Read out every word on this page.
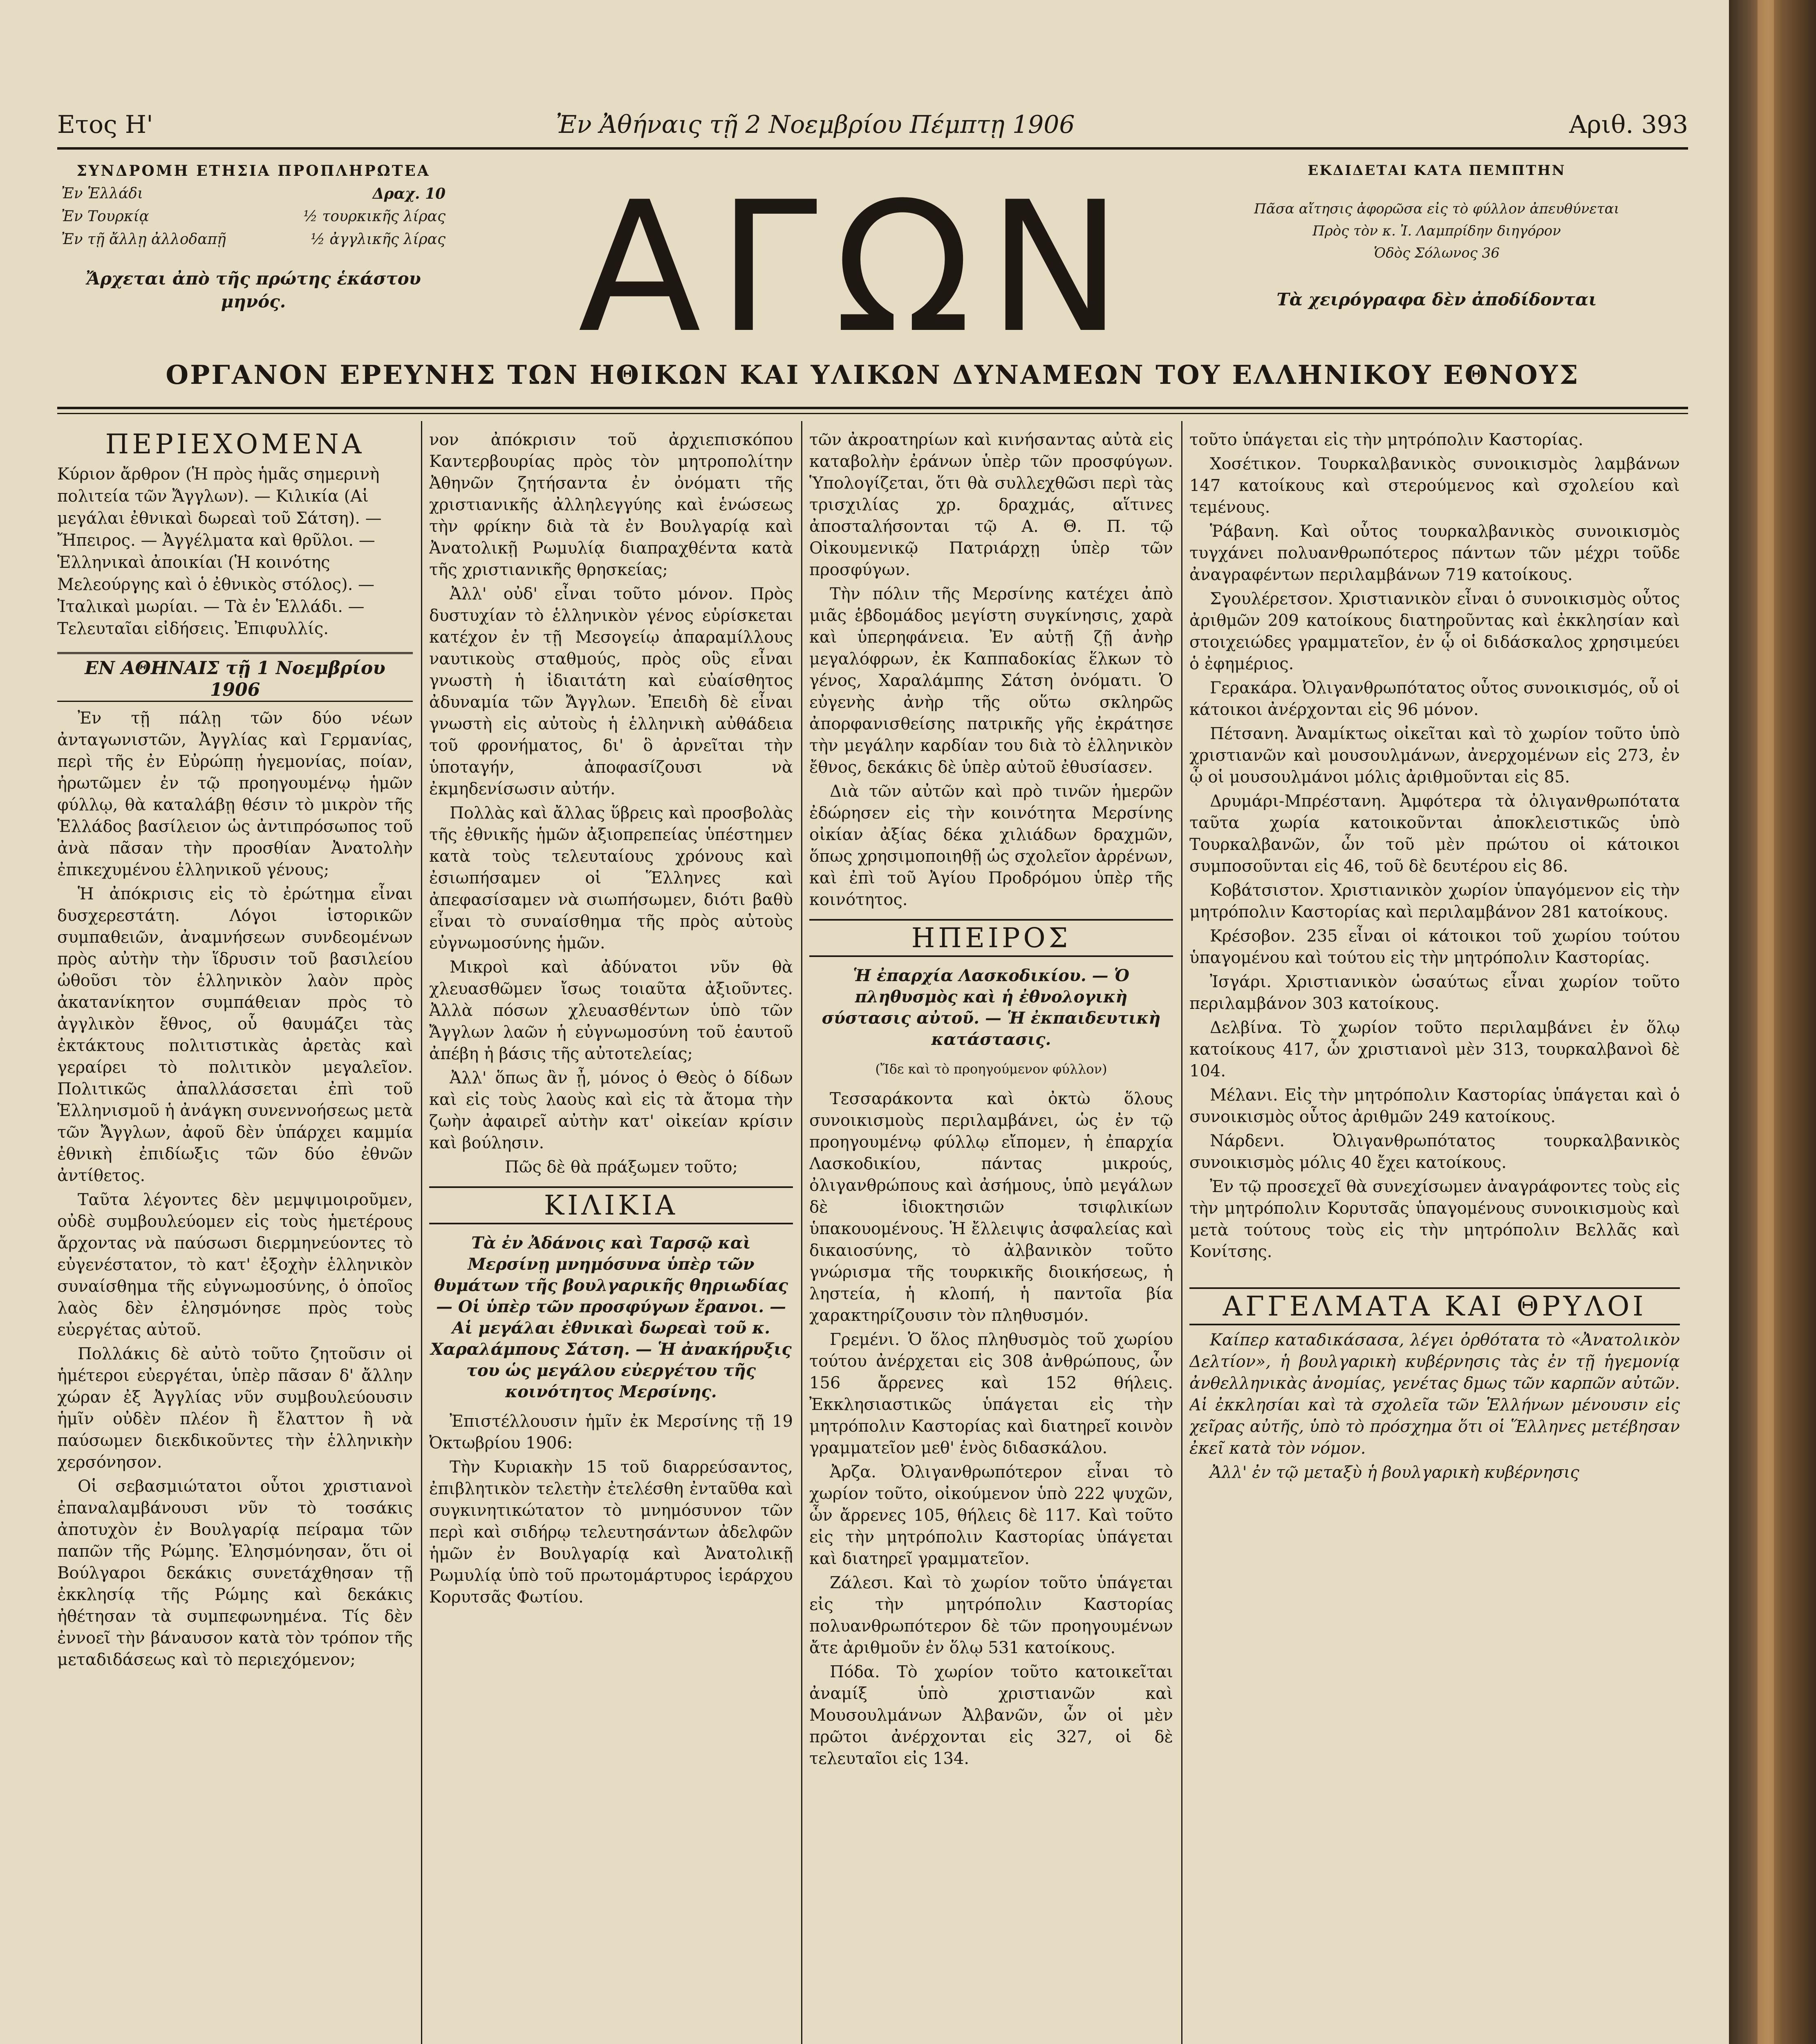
Ετος Η'	Ἐν Ἀθήναις τῇ 2 Νοεμβρίου Πέμπτῃ 1906	Αριθ. 393
ΣΥΝΔΡΟΜΗ ΕΤΗΣΙΑ ΠΡΟΠΛΗΡΩΤΕΑ
Ἐν Ἑλλάδι	Δραχ. 10
Ἐν Τουρκίᾳ	½ τουρκικῆς λίρας
Ἐν τῇ ἄλλῃ ἀλλοδαπῇ	½ ἀγγλικῆς λίρας
Ἄρχεται ἀπὸ τῆς πρώτης ἑκάστου μηνός.	ΑΓΩΝ	ΕΚΔΙΔΕΤΑΙ ΚΑΤΑ ΠΕΜΠΤΗΝ
Πᾶσα αἴτησις ἀφορῶσα εἰς τὸ φύλλον ἀπευθύνεται
Πρὸς τὸν κ. Ἰ. Λαμπρίδην διηγόρον
Ὁδὸς Σόλωνος 36
Τὰ χειρόγραφα δὲν ἀποδίδονται
ΟΡΓΑΝΟΝ ΕΡΕΥΝΗΣ ΤΩΝ ΗΘΙΚΩΝ ΚΑΙ ΥΛΙΚΩΝ ΔΥΝΑΜΕΩΝ ΤΟΥ ΕΛΛΗΝΙΚΟΥ ΕΘΝΟΥΣ
ΠΕΡΙΕΧΟΜΕΝΑ
Κύριον ἄρθρον (Ἡ πρὸς ἡμᾶς σημερινὴ πολιτεία τῶν Ἄγγλων). — Κιλικία (Αἱ μεγάλαι ἐθνικαὶ δωρεαὶ τοῦ Σάτση). — Ἤπειρος. — Ἀγγέλματα καὶ θρῦλοι. — Ἑλληνικαὶ ἀποικίαι (Ἡ κοινότης Μελεούργης καὶ ὁ ἐθνικὸς στόλος). — Ἰταλικαὶ μωρίαι. — Τὰ ἐν Ἑλλάδι. — Τελευταῖαι εἰδήσεις. Ἐπιφυλλίς.
ΕΝ ΑΘΗΝΑΙΣ τῇ 1 Νοεμβρίου 1906

Ἐν τῇ πάλῃ τῶν δύο νέων ἀνταγωνιστῶν, Ἀγγλίας καὶ Γερμανίας, περὶ τῆς ἐν Εὐρώπῃ ἡγεμονίας, ποίαν, ἠρωτῶμεν ἐν τῷ προηγουμένῳ ἡμῶν φύλλῳ, θὰ καταλάβῃ θέσιν τὸ μικρὸν τῆς Ἑλλάδος βασίλειον ὡς ἀντιπρόσωπος τοῦ ἀνὰ πᾶσαν τὴν προσθίαν Ἀνατολὴν ἐπικεχυμένου ἑλληνικοῦ γένους;

Ἡ ἀπόκρισις εἰς τὸ ἐρώτημα εἶναι δυσχερεστάτη. Λόγοι ἱστορικῶν συμπαθειῶν, ἀναμνήσεων συνδεομένων πρὸς αὐτὴν τὴν ἵδρυσιν τοῦ βασιλείου ὠθοῦσι τὸν ἑλληνικὸν λαὸν πρὸς ἀκατανίκητον συμπάθειαν πρὸς τὸ ἀγγλικὸν ἔθνος, οὗ θαυμάζει τὰς ἐκτάκτους πολιτιστικὰς ἀρετὰς καὶ γεραίρει τὸ πολιτικὸν μεγαλεῖον. Πολιτικῶς ἀπαλλάσσεται ἐπὶ τοῦ Ἑλληνισμοῦ ἡ ἀνάγκη συνεννοήσεως μετὰ τῶν Ἄγγλων, ἀφοῦ δὲν ὑπάρχει καμμία ἐθνικὴ ἐπιδίωξις τῶν δύο ἐθνῶν ἀντίθετος.

Ταῦτα λέγοντες δὲν μεμψιμοιροῦμεν, οὐδὲ συμβουλεύομεν εἰς τοὺς ἡμετέρους ἄρχοντας νὰ παύσωσι διερμηνεύοντες τὸ εὐγενέστατον, τὸ κατ' ἐξοχὴν ἑλληνικὸν συναίσθημα τῆς εὐγνωμοσύνης, ὁ ὁποῖος λαὸς δὲν ἐλησμόνησε πρὸς τοὺς εὐεργέτας αὐτοῦ.

Πολλάκις δὲ αὐτὸ τοῦτο ζητοῦσιν οἱ ἡμέτεροι εὐεργέται, ὑπὲρ πᾶσαν δ' ἄλλην χώραν ἐξ Ἀγγλίας νῦν συμβουλεύουσιν ἡμῖν οὐδὲν πλέον ἢ ἔλαττον ἢ νὰ παύσωμεν διεκδικοῦντες τὴν ἑλληνικὴν χερσόνησον.

Οἱ σεβασμιώτατοι οὗτοι χριστιανοὶ ἐπαναλαμβάνουσι νῦν τὸ τοσάκις ἀποτυχὸν ἐν Βουλγαρίᾳ πείραμα τῶν παπῶν τῆς Ρώμης. Ἐλησμόνησαν, ὅτι οἱ Βούλγαροι δεκάκις συνετάχθησαν τῇ ἐκκλησίᾳ τῆς Ρώμης καὶ δεκάκις ἠθέτησαν τὰ συμπεφωνημένα. Τίς δὲν ἐννοεῖ τὴν βάναυσον κατὰ τὸν τρόπον τῆς μεταδιδάσεως καὶ τὸ περιεχόμενον;

νον ἀπόκρισιν τοῦ ἀρχιεπισκόπου Καντερβουρίας πρὸς τὸν μητροπολίτην Ἀθηνῶν ζητήσαντα ἐν ὀνόματι τῆς χριστιανικῆς ἀλληλεγγύης καὶ ἑνώσεως τὴν φρίκην διὰ τὰ ἐν Βουλγαρίᾳ καὶ Ἀνατολικῇ Ρωμυλίᾳ διαπραχθέντα κατὰ τῆς χριστιανικῆς θρησκείας;

Ἀλλ' οὐδ' εἶναι τοῦτο μόνον. Πρὸς δυστυχίαν τὸ ἑλληνικὸν γένος εὑρίσκεται κατέχον ἐν τῇ Μεσογείῳ ἀπαραμίλλους ναυτικοὺς σταθμούς, πρὸς οὓς εἶναι γνωστὴ ἡ ἰδιαιτάτη καὶ εὐαίσθητος ἀδυναμία τῶν Ἄγγλων. Ἐπειδὴ δὲ εἶναι γνωστὴ εἰς αὐτοὺς ἡ ἑλληνικὴ αὐθάδεια τοῦ φρονήματος, δι' ὃ ἀρνεῖται τὴν ὑποταγήν, ἀποφασίζουσι νὰ ἐκμηδενίσωσιν αὐτήν.

Πολλὰς καὶ ἄλλας ὕβρεις καὶ προσβολὰς τῆς ἐθνικῆς ἡμῶν ἀξιοπρεπείας ὑπέστημεν κατὰ τοὺς τελευταίους χρόνους καὶ ἐσιωπήσαμεν οἱ Ἕλληνες καὶ ἀπεφασίσαμεν νὰ σιωπήσωμεν, διότι βαθὺ εἶναι τὸ συναίσθημα τῆς πρὸς αὐτοὺς εὐγνωμοσύνης ἡμῶν.

Μικροὶ καὶ ἀδύνατοι νῦν θὰ χλευασθῶμεν ἴσως τοιαῦτα ἀξιοῦντες. Ἀλλὰ πόσων χλευασθέντων ὑπὸ τῶν Ἄγγλων λαῶν ἡ εὐγνωμοσύνη τοῦ ἑαυτοῦ ἀπέβη ἡ βάσις τῆς αὐτοτελείας;

Ἀλλ' ὅπως ἂν ᾖ, μόνος ὁ Θεὸς ὁ δίδων καὶ εἰς τοὺς λαοὺς καὶ εἰς τὰ ἄτομα τὴν ζωὴν ἀφαιρεῖ αὐτὴν κατ' οἰκείαν κρίσιν καὶ βούλησιν.

Πῶς δὲ θὰ πράξωμεν τοῦτο;

ΚΙΛΙΚΙΑ
Τὰ ἐν Ἀδάνοις καὶ Ταρσῷ καὶ Μερσίνῃ μνημόσυνα ὑπὲρ τῶν θυμάτων τῆς βουλγαρικῆς θηριωδίας — Οἱ ὑπὲρ τῶν προσφύγων ἔρανοι. — Αἱ μεγάλαι ἐθνικαὶ δωρεαὶ τοῦ κ. Χαραλάμπους Σάτση. — Ἡ ἀνακήρυξις του ὡς μεγάλου εὐεργέτου τῆς κοινότητος Μερσίνης.

Ἐπιστέλλουσιν ἡμῖν ἐκ Μερσίνης τῇ 19 Ὀκτωβρίου 1906:

Τὴν Κυριακὴν 15 τοῦ διαρρεύσαντος, ἐπιβλητικὸν τελετὴν ἐτελέσθη ἐνταῦθα καὶ συγκινητικώτατον τὸ μνημόσυνον τῶν περὶ καὶ σιδήρῳ τελευτησάντων ἀδελφῶν ἡμῶν ἐν Βουλγαρίᾳ καὶ Ἀνατολικῇ Ρωμυλίᾳ ὑπὸ τοῦ πρωτομάρτυρος ἱεράρχου Κορυτσᾶς Φωτίου.

τῶν ἀκροατηρίων καὶ κινήσαντας αὐτὰ εἰς καταβολὴν ἐράνων ὑπὲρ τῶν προσφύγων. Ὑπολογίζεται, ὅτι θὰ συλλεχθῶσι περὶ τὰς τρισχιλίας χρ. δραχμάς, αἵτινες ἀποσταλήσονται τῷ Α. Θ. Π. τῷ Οἰκουμενικῷ Πατριάρχῃ ὑπὲρ τῶν προσφύγων.

Τὴν πόλιν τῆς Μερσίνης κατέχει ἀπὸ μιᾶς ἑβδομάδος μεγίστη συγκίνησις, χαρὰ καὶ ὑπερηφάνεια. Ἐν αὐτῇ ζῇ ἀνὴρ μεγαλόφρων, ἐκ Καππαδοκίας ἕλκων τὸ γένος, Χαραλάμπης Σάτση ὀνόματι. Ὁ εὐγενὴς ἀνὴρ τῆς οὕτω σκληρῶς ἀπορφανισθείσης πατρικῆς γῆς ἐκράτησε τὴν μεγάλην καρδίαν του διὰ τὸ ἑλληνικὸν ἔθνος, δεκάκις δὲ ὑπὲρ αὐτοῦ ἐθυσίασεν.

Διὰ τῶν αὐτῶν καὶ πρὸ τινῶν ἡμερῶν ἐδώρησεν εἰς τὴν κοινότητα Μερσίνης οἰκίαν ἀξίας δέκα χιλιάδων δραχμῶν, ὅπως χρησιμοποιηθῇ ὡς σχολεῖον ἀρρένων, καὶ ἐπὶ τοῦ Ἀγίου Προδρόμου ὑπὲρ τῆς κοινότητος.

ΗΠΕΙΡΟΣ
Ἡ ἐπαρχία Λασκοδικίου. — Ὁ πληθυσμὸς καὶ ἡ ἐθνολογικὴ σύστασις αὐτοῦ. — Ἡ ἐκπαιδευτικὴ κατάστασις.
(Ἴδε καὶ τὸ προηγούμενον φύλλον)

Τεσσαράκοντα καὶ ὀκτὼ ὅλους συνοικισμοὺς περιλαμβάνει, ὡς ἐν τῷ προηγουμένῳ φύλλῳ εἴπομεν, ἡ ἐπαρχία Λασκοδικίου, πάντας μικρούς, ὀλιγανθρώπους καὶ ἀσήμους, ὑπὸ μεγάλων δὲ ἰδιοκτησιῶν τσιφλικίων ὑπακουομένους. Ἡ ἔλλειψις ἀσφαλείας καὶ δικαιοσύνης, τὸ ἀλβανικὸν τοῦτο γνώρισμα τῆς τουρκικῆς διοικήσεως, ἡ ληστεία, ἡ κλοπή, ἡ παντοῖα βία χαρακτηρίζουσιν τὸν πληθυσμόν.

Γρεμένι. Ὁ ὅλος πληθυσμὸς τοῦ χωρίου τούτου ἀνέρχεται εἰς 308 ἀνθρώπους, ὧν 156 ἄρρενες καὶ 152 θήλεις. Ἐκκλησιαστικῶς ὑπάγεται εἰς τὴν μητρόπολιν Καστορίας καὶ διατηρεῖ κοινὸν γραμματεῖον μεθ' ἑνὸς διδασκάλου.

Ἀρζα. Ὀλιγανθρωπότερον εἶναι τὸ χωρίον τοῦτο, οἰκούμενον ὑπὸ 222 ψυχῶν, ὧν ἄρρενες 105, θήλεις δὲ 117. Καὶ τοῦτο εἰς τὴν μητρόπολιν Καστορίας ὑπάγεται καὶ διατηρεῖ γραμματεῖον.

Ζάλεσι. Καὶ τὸ χωρίον τοῦτο ὑπάγεται εἰς τὴν μητρόπολιν Καστορίας πολυανθρωπότερον δὲ τῶν προηγουμένων ἄτε ἀριθμοῦν ἐν ὅλῳ 531 κατοίκους.

Πόδα. Τὸ χωρίον τοῦτο κατοικεῖται ἀναμίξ ὑπὸ χριστιανῶν καὶ Μουσουλμάνων Ἀλβανῶν, ὧν οἱ μὲν πρῶτοι ἀνέρχονται εἰς 327, οἱ δὲ τελευταῖοι εἰς 134.

τοῦτο ὑπάγεται εἰς τὴν μητρόπολιν Καστορίας.

Χοσέτικον. Τουρκαλβανικὸς συνοικισμὸς λαμβάνων 147 κατοίκους καὶ στερούμενος καὶ σχολείου καὶ τεμένους.

Ῥάβανη. Καὶ οὗτος τουρκαλβανικὸς συνοικισμὸς τυγχάνει πολυανθρωπότερος πάντων τῶν μέχρι τοῦδε ἀναγραφέντων περιλαμβάνων 719 κατοίκους.

Σγουλέρετσον. Χριστιανικὸν εἶναι ὁ συνοικισμὸς οὗτος ἀριθμῶν 209 κατοίκους διατηροῦντας καὶ ἐκκλησίαν καὶ στοιχειώδες γραμματεῖον, ἐν ᾧ οἱ διδάσκαλος χρησιμεύει ὁ ἐφημέριος.

Γερακάρα. Ὀλιγανθρωπότατος οὗτος συνοικισμός, οὗ οἱ κάτοικοι ἀνέρχονται εἰς 96 μόνον.

Πέτσανη. Ἀναμίκτως οἰκεῖται καὶ τὸ χωρίον τοῦτο ὑπὸ χριστιανῶν καὶ μουσουλμάνων, ἀνερχομένων εἰς 273, ἐν ᾧ οἱ μουσουλμάνοι μόλις ἀριθμοῦνται εἰς 85.

Δρυμάρι-Μπρέστανη. Ἀμφότερα τὰ ὀλιγανθρωπότατα ταῦτα χωρία κατοικοῦνται ἀποκλειστικῶς ὑπὸ Τουρκαλβανῶν, ὧν τοῦ μὲν πρώτου οἱ κάτοικοι συμποσοῦνται εἰς 46, τοῦ δὲ δευτέρου εἰς 86.

Κοβάτσιστον. Χριστιανικὸν χωρίον ὑπαγόμενον εἰς τὴν μητρόπολιν Καστορίας καὶ περιλαμβάνον 281 κατοίκους.

Κρέσοβον. 235 εἶναι οἱ κάτοικοι τοῦ χωρίου τούτου ὑπαγομένου καὶ τούτου εἰς τὴν μητρόπολιν Καστορίας.

Ἰσγάρι. Χριστιανικὸν ὡσαύτως εἶναι χωρίον τοῦτο περιλαμβάνον 303 κατοίκους.

Δελβίνα. Τὸ χωρίον τοῦτο περιλαμβάνει ἐν ὅλῳ κατοίκους 417, ὧν χριστιανοὶ μὲν 313, τουρκαλβανοὶ δὲ 104.

Μέλανι. Εἰς τὴν μητρόπολιν Καστορίας ὑπάγεται καὶ ὁ συνοικισμὸς οὗτος ἀριθμῶν 249 κατοίκους.

Νάρδενι. Ὀλιγανθρωπότατος τουρκαλβανικὸς συνοικισμὸς μόλις 40 ἔχει κατοίκους.

Ἐν τῷ προσεχεῖ θὰ συνεχίσωμεν ἀναγράφοντες τοὺς εἰς τὴν μητρόπολιν Κορυτσᾶς ὑπαγομένους συνοικισμοὺς καὶ μετὰ τούτους τοὺς εἰς τὴν μητρόπολιν Βελλᾶς καὶ Κονίτσης.

ΑΓΓΕΛΜΑΤΑ ΚΑΙ ΘΡΥΛΟΙ

Καίπερ καταδικάσασα, λέγει ὀρθότατα τὸ «Ἀνατολικὸν Δελτίον», ἡ βουλγαρικὴ κυβέρνησις τὰς ἐν τῇ ἡγεμονίᾳ ἀνθελληνικὰς ἀνομίας, γενέτας δμως τῶν καρπῶν αὐτῶν. Αἱ ἐκκλησίαι καὶ τὰ σχολεῖα τῶν Ἑλλήνων μένουσιν εἰς χεῖρας αὐτῆς, ὑπὸ τὸ πρόσχημα ὅτι οἱ Ἕλληνες μετέβησαν ἐκεῖ κατὰ τὸν νόμον.

Ἀλλ' ἐν τῷ μεταξὺ ἡ βουλγαρικὴ κυβέρνησις
